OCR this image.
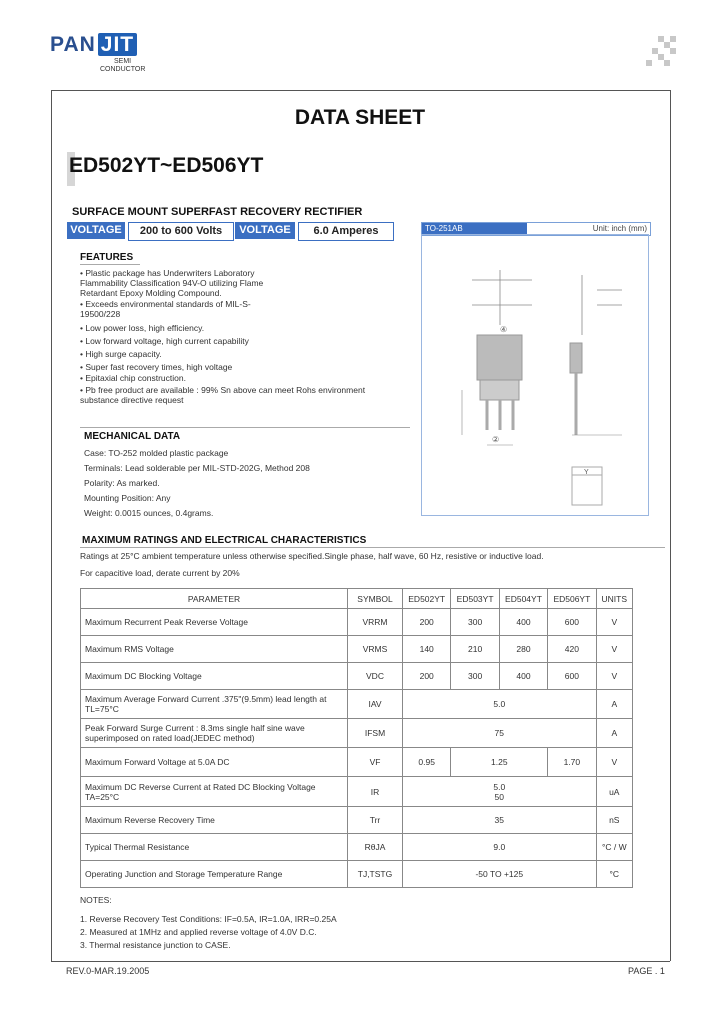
PAN JIT
SEMI
CONDUCTOR
DATA SHEET
ED502YT~ED506YT
SURFACE MOUNT SUPERFAST RECOVERY RECTIFIER
VOLTAGE	200 to 600 Volts	VOLTAGE	6.0 Amperes	TO-251AB	Unit: inch (mm)
④
②
Y
FEATURES
• Plastic package has Underwriters Laboratory Flammability Classification 94V-O utilizing Flame Retardant Epoxy Molding Compound.
• Exceeds environmental standards of MIL-S-19500/228
• Low power loss, high efficiency.
• Low forward voltage, high current capability
• High surge capacity.
• Super fast recovery times, high voltage
• Epitaxial chip construction.
• Pb free product are available : 99% Sn above can meet Rohs environment substance directive request
MECHANICAL DATA
Case: TO-252 molded plastic package
Terminals: Lead solderable per MIL-STD-202G, Method 208
Polarity: As marked.
Mounting Position: Any
Weight: 0.0015 ounces, 0.4grams.
MAXIMUM RATINGS AND ELECTRICAL CHARACTERISTICS
Ratings at 25°C ambient temperature unless otherwise specified.Single phase, half wave, 60 Hz, resistive or inductive load.
For capacitive load, derate current by 20%
PARAMETER	SYMBOL	ED502YT	ED503YT	ED504YT	ED506YT	UNITS
Maximum Recurrent Peak Reverse Voltage	VRRM	200	300	400	600	V
Maximum RMS Voltage	VRMS	140	210	280	420	V
Maximum DC Blocking Voltage	VDC	200	300	400	600	V
Maximum Average Forward Current .375"(9.5mm) lead length at TL=75°C	IAV	5.0				A
Peak Forward Surge Current : 8.3ms single half sine wave superimposed on rated load(JEDEC method)	IFSM	75				A
Maximum Forward Voltage at 5.0A DC	VF	0.95	1.25		1.70	V
Maximum DC Reverse Current at Rated DC Blocking Voltage TA=25°C	IR	5.0
50				uA
Maximum Reverse Recovery Time	Trr	35				nS
Typical Thermal Resistance	RθJA	9.0				°C / W
Operating Junction and Storage Temperature Range	TJ,TSTG	-50 TO +125				°C
NOTES:
1. Reverse Recovery Test Conditions: IF=0.5A, IR=1.0A, IRR=0.25A
2. Measured at 1MHz and applied reverse voltage of 4.0V D.C.
3. Thermal resistance junction to CASE.
REV.0-MAR.19.2005	PAGE . 1
